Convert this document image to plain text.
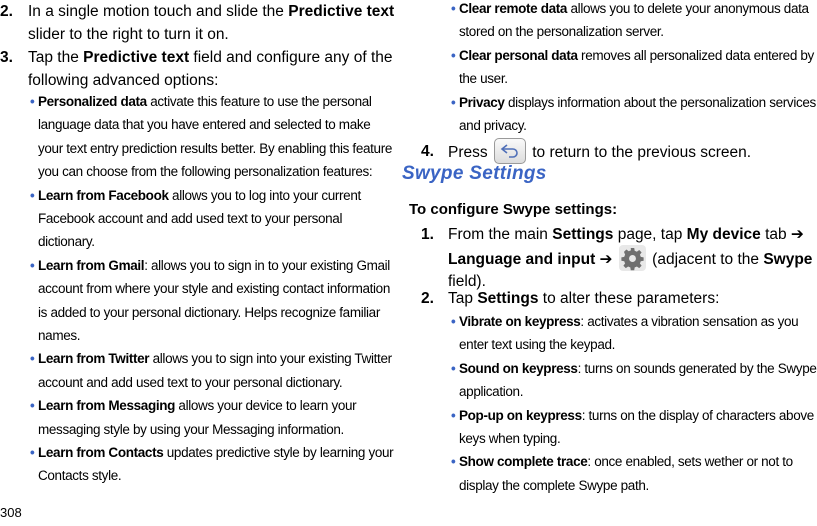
2. In a single motion touch and slide the Predictive text
slider to the right to turn it on.
3. Tap the Predictive text field and configure any of the
following advanced options:
• Personalized data activate this feature to use the personal
language data that you have entered and selected to make
your text entry prediction results better. By enabling this feature
you can choose from the following personalization features:
• Learn from Facebook allows you to log into your current
Facebook account and add used text to your personal
dictionary.
• Learn from Gmail: allows you to sign in to your existing Gmail
account from where your style and existing contact information
is added to your personal dictionary. Helps recognize familiar
names.
• Learn from Twitter allows you to sign into your existing Twitter
account and add used text to your personal dictionary.
• Learn from Messaging allows your device to learn your
messaging style by using your Messaging information.
• Learn from Contacts updates predictive style by learning your
Contacts style.
• Clear remote data allows you to delete your anonymous data
stored on the personalization server.
• Clear personal data removes all personalized data entered by
the user.
• Privacy displays information about the personalization services
and privacy.
4. Press
to return to the previous screen.
Swype Settings
To configure Swype settings:
1. From the main Settings page, tap My device tab ➔
Language and input ➔
(adjacent to the Swype
field).
2. Tap Settings to alter these parameters:
• Vibrate on keypress: activates a vibration sensation as you
enter text using the keypad.
• Sound on keypress: turns on sounds generated by the Swype
application.
• Pop-up on keypress: turns on the display of characters above
keys when typing.
• Show complete trace: once enabled, sets wether or not to
display the complete Swype path.
308
